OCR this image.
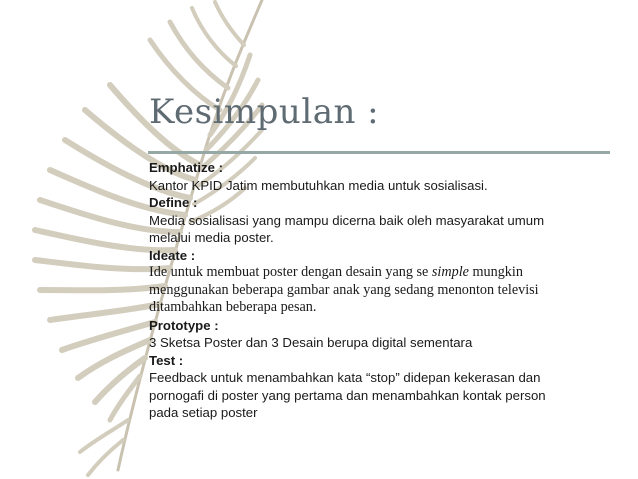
Kesimpulan :
Emphatize :
Kantor KPID Jatim membutuhkan media untuk sosialisasi.
Define :
Media sosialisasi yang mampu dicerna baik oleh masyarakat umum
melalui media poster.
Ideate :
Ide untuk membuat poster dengan desain yang se simple mungkin
menggunakan beberapa gambar anak yang sedang menonton televisi
ditambahkan beberapa pesan.
Prototype :
3 Sketsa Poster dan 3 Desain berupa digital sementara
Test :
Feedback untuk menambahkan kata “stop” didepan kekerasan dan
pornogafi di poster yang pertama dan menambahkan kontak person
pada setiap poster
